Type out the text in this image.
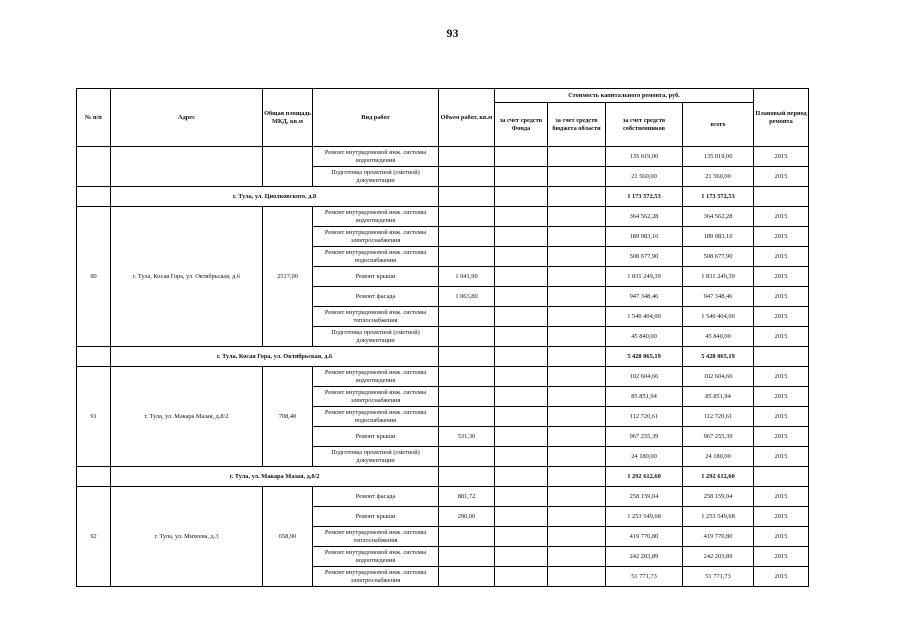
93
№ п/п	Адрес	Общая площадь МКД, кв.м	Вид работ	Объем работ, кв.м	Стоимость капитального ремонта, руб.				Плановый период ремонта
					за счет средств Фонда	за счет средств бюджета области	за счет средств собственников	всего	
			Ремонт внутридомовой инж. системы водоотведения				135 019,00	135 019,00	2015
			Подготовка проектной (сметной) документации				21 560,00	21 560,00	2015
	г. Тула, ул. Циолковского, д.8						1 173 572,53	1 173 572,53	
90	г. Тула, Косая Гора, ул. Октябрьская, д.6	2517,00	Ремонт внутридомовой инж. системы водоотведения				364 562,28	364 562,28	2015
			Ремонт внутридомовой инж. системы электроснабжения				189 983,16	189 983,16	2015
			Ремонт внутридомовой инж. системы водоснабжения				508 677,90	508 677,90	2015
			Ремонт крыши	1 041,90			1 831 249,39	1 831 249,39	2015
			Ремонт фасада	1 063,80			947 348,46	947 348,46	2015
			Ремонт внутридомовой инж. системы теплоснабжения				1 540 404,00	1 540 404,00	2015
			Подготовка проектной (сметной) документации				45 840,00	45 840,00	2015
	г. Тула, Косая Гора, ул. Октябрьская, д.6						5 428 065,19	5 428 065,19	
91	г. Тула, ул. Макара Мазая, д.8/2	708,40	Ремонт внутридомовой инж. системы водоотведения				102 604,66	102 604,66	2015
			Ремонт внутридомовой инж. системы электроснабжения				85 851,94	85 851,94	2015
			Ремонт внутридомовой инж. системы водоснабжения				112 720,61	112 720,61	2015
			Ремонт крыши	531,30			967 255,39	967 255,39	2015
			Подготовка проектной (сметной) документации				24 180,00	24 180,00	2015
	г. Тула, ул. Макара Мазая, д.8/2						1 292 612,60	1 292 612,60	
92	г. Тула, ул. Михеева, д.3	658,90	Ремонт фасада	881,72			258 159,04	258 159,04	2015
			Ремонт крыши	290,00			1 253 549,68	1 253 549,68	2015
			Ремонт внутридомовой инж. системы теплоснабжения				419 770,80	419 770,80	2015
			Ремонт внутридомовой инж. системы водоотведения				242 203,89	242 203,89	2015
			Ремонт внутридомовой инж. системы электроснабжения				51 771,73	51 771,73	2015
